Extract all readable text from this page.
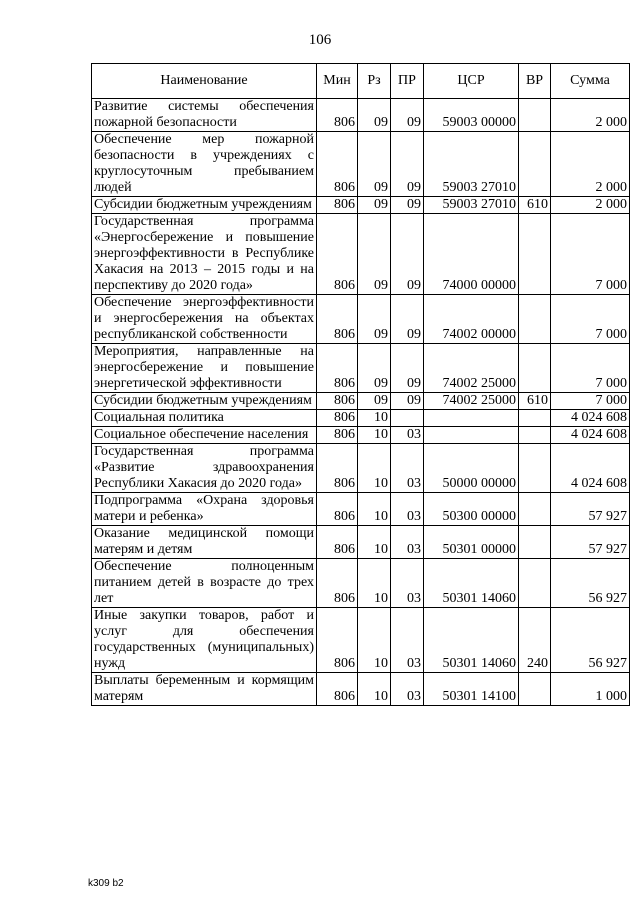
106
Наименование	Мин	Рз	ПР	ЦСР	ВР	Сумма
Развитие системы обеспечения пожарной безопасности	806	09	09	59003 00000		2 000
Обеспечение мер пожарной безопасности в учреждениях с круглосуточным пребыванием людей	806	09	09	59003 27010		2 000
Субсидии бюджетным учреждениям	806	09	09	59003 27010	610	2 000
Государственная программа «Энергосбережение и повышение энергоэффективности в Республике Хакасия на 2013 – 2015 годы и на перспективу до 2020 года»	806	09	09	74000 00000		7 000
Обеспечение энергоэффективности и энергосбережения на объектах республиканской собственности	806	09	09	74002 00000		7 000
Мероприятия, направленные на энергосбережение и повышение энергетической эффективности	806	09	09	74002 25000		7 000
Субсидии бюджетным учреждениям	806	09	09	74002 25000	610	7 000
Социальная политика	806	10				4 024 608
Социальное обеспечение населения	806	10	03			4 024 608
Государственная программа «Развитие здравоохранения Республики Хакасия до 2020 года»	806	10	03	50000 00000		4 024 608
Подпрограмма «Охрана здоровья матери и ребенка»	806	10	03	50300 00000		57 927
Оказание медицинской помощи матерям и детям	806	10	03	50301 00000		57 927
Обеспечение полноценным питанием детей в возрасте до трех лет	806	10	03	50301 14060		56 927
Иные закупки товаров, работ и услуг для обеспечения государственных (муниципальных) нужд	806	10	03	50301 14060	240	56 927
Выплаты беременным и кормящим матерям	806	10	03	50301 14100		1 000
k309 b2
